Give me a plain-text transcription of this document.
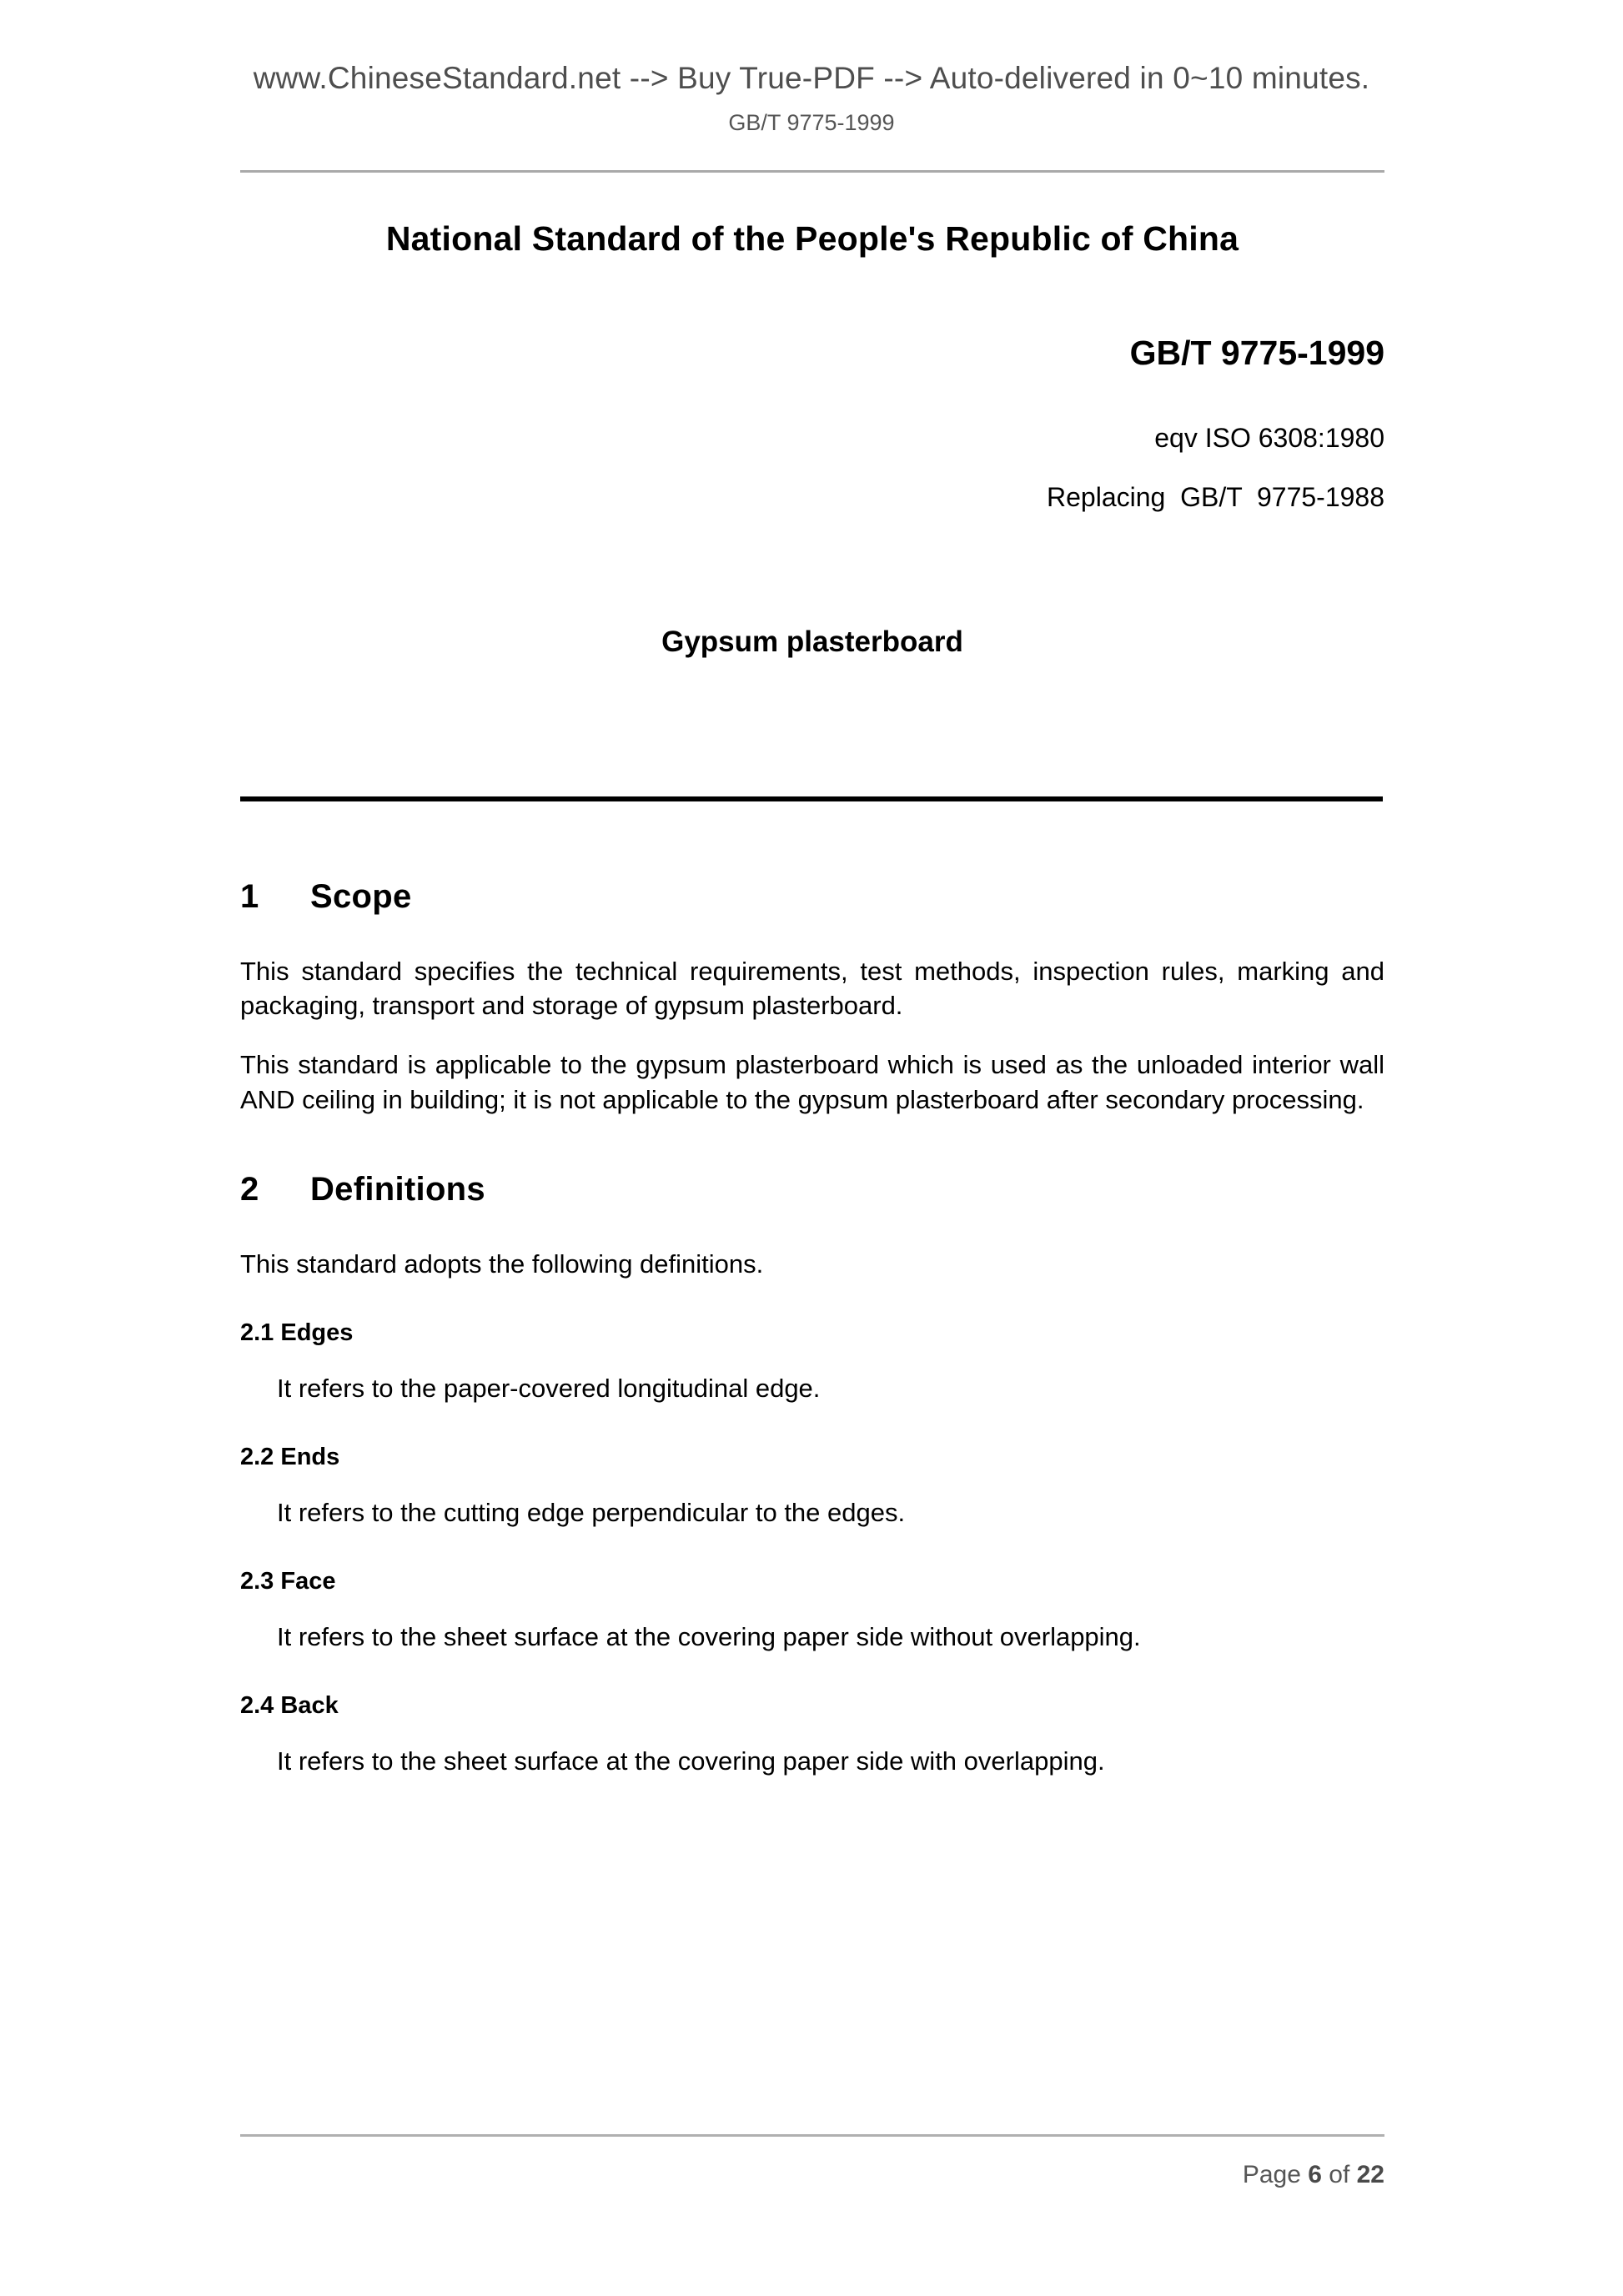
www.ChineseStandard.net --> Buy True-PDF --> Auto-delivered in 0~10 minutes.
GB/T 9775-1999
National Standard of the People's Republic of China
GB/T 9775-1999
eqv ISO 6308:1980
Replacing  GB/T  9775-1988
Gypsum plasterboard
1 Scope

This standard specifies the technical requirements, test methods, inspection rules, marking and packaging, transport and storage of gypsum plasterboard.

This standard is applicable to the gypsum plasterboard which is used as the unloaded interior wall AND ceiling in building; it is not applicable to the gypsum plasterboard after secondary processing.

2 Definitions

This standard adopts the following definitions.

2.1 Edges

It refers to the paper-covered longitudinal edge.

2.2 Ends

It refers to the cutting edge perpendicular to the edges.

2.3 Face

It refers to the sheet surface at the covering paper side without overlapping.

2.4 Back

It refers to the sheet surface at the covering paper side with overlapping.

Page 6 of 22
